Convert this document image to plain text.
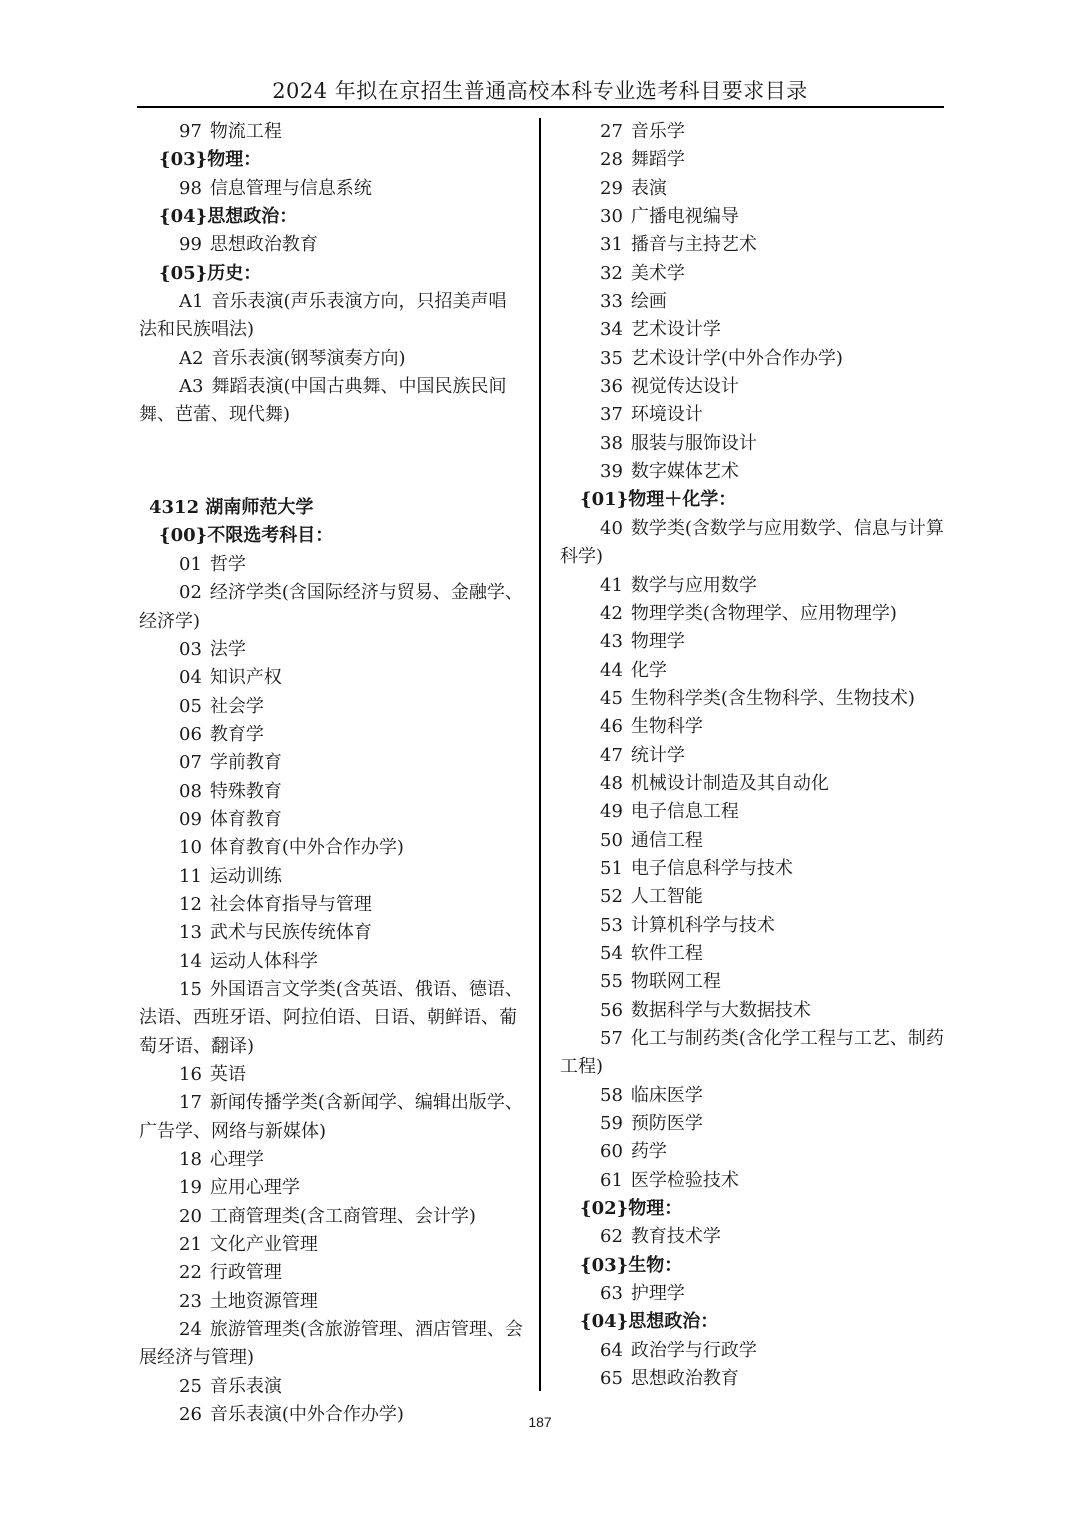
2024 年拟在京招生普通高校本科专业选考科目要求目录

97 物流工程

{03}物理：

98 信息管理与信息系统

{04}思想政治：

99 思想政治教育

{05}历史：

A1 音乐表演(声乐表演方向，只招美声唱法和民族唱法)

A2 音乐表演(钢琴演奏方向)

A3 舞蹈表演(中国古典舞、中国民族民间舞、芭蕾、现代舞)

4312 湖南师范大学

{00}不限选考科目：

01 哲学

02 经济学类(含国际经济与贸易、金融学、经济学)

03 法学

04 知识产权

05 社会学

06 教育学

07 学前教育

08 特殊教育

09 体育教育

10 体育教育(中外合作办学)

11 运动训练

12 社会体育指导与管理

13 武术与民族传统体育

14 运动人体科学

15 外国语言文学类(含英语、俄语、德语、法语、西班牙语、阿拉伯语、日语、朝鲜语、葡萄牙语、翻译)

16 英语

17 新闻传播学类(含新闻学、编辑出版学、广告学、网络与新媒体)

18 心理学

19 应用心理学

20 工商管理类(含工商管理、会计学)

21 文化产业管理

22 行政管理

23 土地资源管理

24 旅游管理类(含旅游管理、酒店管理、会展经济与管理)

25 音乐表演

26 音乐表演(中外合作办学)

27 音乐学

28 舞蹈学

29 表演

30 广播电视编导

31 播音与主持艺术

32 美术学

33 绘画

34 艺术设计学

35 艺术设计学(中外合作办学)

36 视觉传达设计

37 环境设计

38 服装与服饰设计

39 数字媒体艺术

{01}物理＋化学：

40 数学类(含数学与应用数学、信息与计算科学)

41 数学与应用数学

42 物理学类(含物理学、应用物理学)

43 物理学

44 化学

45 生物科学类(含生物科学、生物技术)

46 生物科学

47 统计学

48 机械设计制造及其自动化

49 电子信息工程

50 通信工程

51 电子信息科学与技术

52 人工智能

53 计算机科学与技术

54 软件工程

55 物联网工程

56 数据科学与大数据技术

57 化工与制药类(含化学工程与工艺、制药工程)

58 临床医学

59 预防医学

60 药学

61 医学检验技术

{02}物理：

62 教育技术学

{03}生物：

63 护理学

{04}思想政治：

64 政治学与行政学

65 思想政治教育

187
